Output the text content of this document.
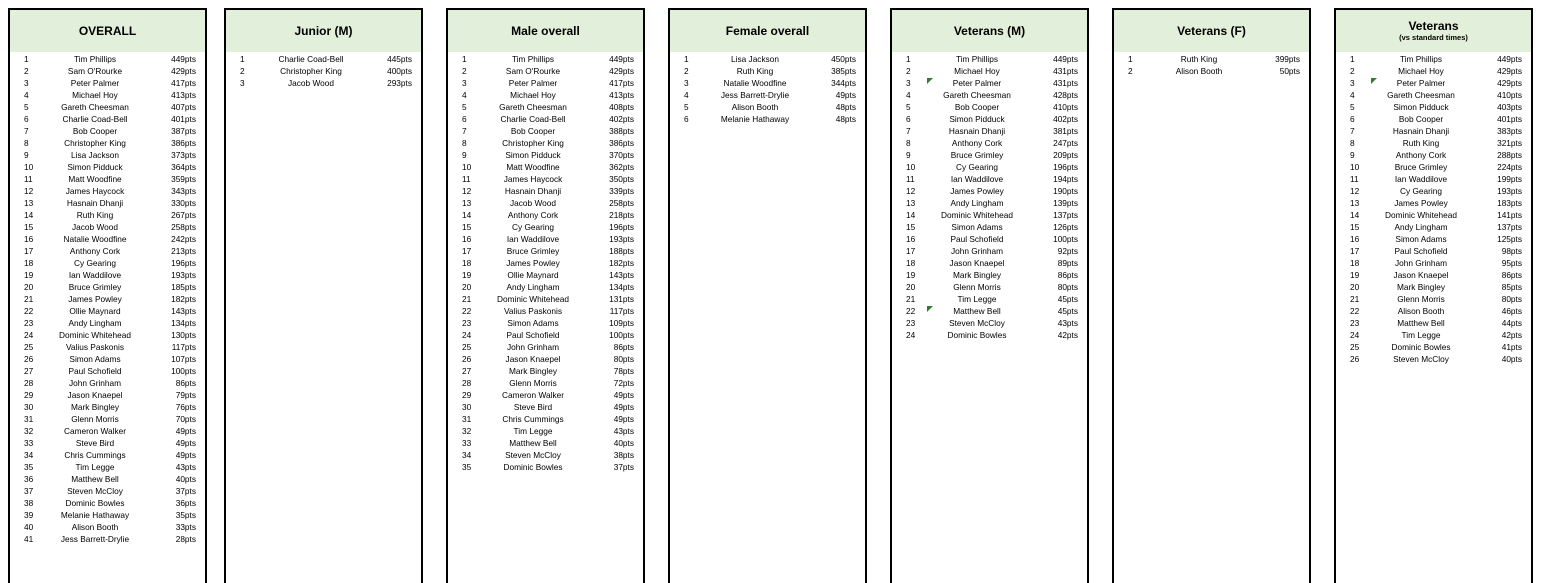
OVERALL
1	Tim Phillips	449pts
2	Sam O'Rourke	429pts
3	Peter Palmer	417pts
4	Michael Hoy	413pts
5	Gareth Cheesman	407pts
6	Charlie Coad-Bell	401pts
7	Bob Cooper	387pts
8	Christopher King	386pts
9	Lisa Jackson	373pts
10	Simon Pidduck	364pts
11	Matt Woodfine	359pts
12	James Haycock	343pts
13	Hasnain Dhanji	330pts
14	Ruth King	267pts
15	Jacob Wood	258pts
16	Natalie Woodfine	242pts
17	Anthony Cork	213pts
18	Cy Gearing	196pts
19	Ian Waddilove	193pts
20	Bruce Grimley	185pts
21	James Powley	182pts
22	Ollie Maynard	143pts
23	Andy Lingham	134pts
24	Dominic Whitehead	130pts
25	Valius Paskonis	117pts
26	Simon Adams	107pts
27	Paul Schofield	100pts
28	John Grinham	86pts
29	Jason Knaepel	79pts
30	Mark Bingley	76pts
31	Glenn Morris	70pts
32	Cameron Walker	49pts
33	Steve Bird	49pts
34	Chris Cummings	49pts
35	Tim Legge	43pts
36	Matthew Bell	40pts
37	Steven McCloy	37pts
38	Dominic Bowles	36pts
39	Melanie Hathaway	35pts
40	Alison Booth	33pts
41	Jess Barrett-Drylie	28pts
Junior (M)
1	Charlie Coad-Bell	445pts
2	Christopher King	400pts
3	Jacob Wood	293pts
Male overall
1	Tim Phillips	449pts
2	Sam O'Rourke	429pts
3	Peter Palmer	417pts
4	Michael Hoy	413pts
5	Gareth Cheesman	408pts
6	Charlie Coad-Bell	402pts
7	Bob Cooper	388pts
8	Christopher King	386pts
9	Simon Pidduck	370pts
10	Matt Woodfine	362pts
11	James Haycock	350pts
12	Hasnain Dhanji	339pts
13	Jacob Wood	258pts
14	Anthony Cork	218pts
15	Cy Gearing	196pts
16	Ian Waddilove	193pts
17	Bruce Grimley	188pts
18	James Powley	182pts
19	Ollie Maynard	143pts
20	Andy Lingham	134pts
21	Dominic Whitehead	131pts
22	Valius Paskonis	117pts
23	Simon Adams	109pts
24	Paul Schofield	100pts
25	John Grinham	86pts
26	Jason Knaepel	80pts
27	Mark Bingley	78pts
28	Glenn Morris	72pts
29	Cameron Walker	49pts
30	Steve Bird	49pts
31	Chris Cummings	49pts
32	Tim Legge	43pts
33	Matthew Bell	40pts
34	Steven McCloy	38pts
35	Dominic Bowles	37pts
Female overall
1	Lisa Jackson	450pts
2	Ruth King	385pts
3	Natalie Woodfine	344pts
4	Jess Barrett-Drylie	49pts
5	Alison Booth	48pts
6	Melanie Hathaway	48pts
Veterans (M)
1	Tim Phillips	449pts
2	Michael Hoy	431pts
3	Peter Palmer	431pts
4	Gareth Cheesman	428pts
5	Bob Cooper	410pts
6	Simon Pidduck	402pts
7	Hasnain Dhanji	381pts
8	Anthony Cork	247pts
9	Bruce Grimley	209pts
10	Cy Gearing	196pts
11	Ian Waddilove	194pts
12	James Powley	190pts
13	Andy Lingham	139pts
14	Dominic Whitehead	137pts
15	Simon Adams	126pts
16	Paul Schofield	100pts
17	John Grinham	92pts
18	Jason Knaepel	89pts
19	Mark Bingley	86pts
20	Glenn Morris	80pts
21	Tim Legge	45pts
22	Matthew Bell	45pts
23	Steven McCloy	43pts
24	Dominic Bowles	42pts
Veterans (F)
1	Ruth King	399pts
2	Alison Booth	50pts
Veterans
(vs standard times)
1	Tim Phillips	449pts
2	Michael Hoy	429pts
3	Peter Palmer	429pts
4	Gareth Cheesman	410pts
5	Simon Pidduck	403pts
6	Bob Cooper	401pts
7	Hasnain Dhanji	383pts
8	Ruth King	321pts
9	Anthony Cork	288pts
10	Bruce Grimley	224pts
11	Ian Waddilove	199pts
12	Cy Gearing	193pts
13	James Powley	183pts
14	Dominic Whitehead	141pts
15	Andy Lingham	137pts
16	Simon Adams	125pts
17	Paul Schofield	98pts
18	John Grinham	95pts
19	Jason Knaepel	86pts
20	Mark Bingley	85pts
21	Glenn Morris	80pts
22	Alison Booth	46pts
23	Matthew Bell	44pts
24	Tim Legge	42pts
25	Dominic Bowles	41pts
26	Steven McCloy	40pts
